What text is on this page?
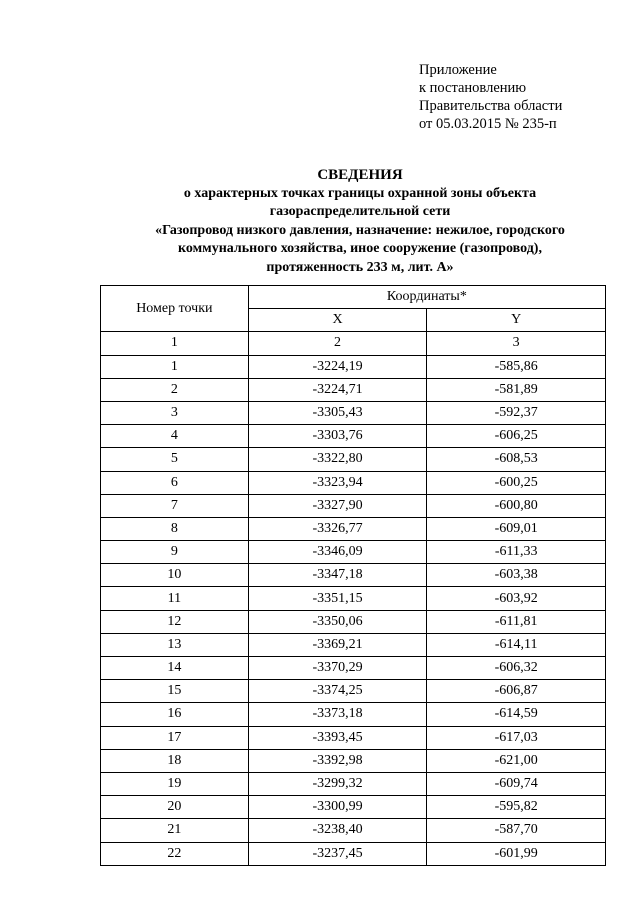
Приложение
к постановлению
Правительства области
от 05.03.2015 № 235-п
СВЕДЕНИЯ
о характерных точках границы охранной зоны объекта
газораспределительной сети
«Газопровод низкого давления, назначение: нежилое, городского
коммунального хозяйства, иное сооружение (газопровод),
протяженность 233 м, лит. А»
Номер точки	Координаты*	
	X	Y
1	2	3
1	-3224,19	-585,86
2	-3224,71	-581,89
3	-3305,43	-592,37
4	-3303,76	-606,25
5	-3322,80	-608,53
6	-3323,94	-600,25
7	-3327,90	-600,80
8	-3326,77	-609,01
9	-3346,09	-611,33
10	-3347,18	-603,38
11	-3351,15	-603,92
12	-3350,06	-611,81
13	-3369,21	-614,11
14	-3370,29	-606,32
15	-3374,25	-606,87
16	-3373,18	-614,59
17	-3393,45	-617,03
18	-3392,98	-621,00
19	-3299,32	-609,74
20	-3300,99	-595,82
21	-3238,40	-587,70
22	-3237,45	-601,99
